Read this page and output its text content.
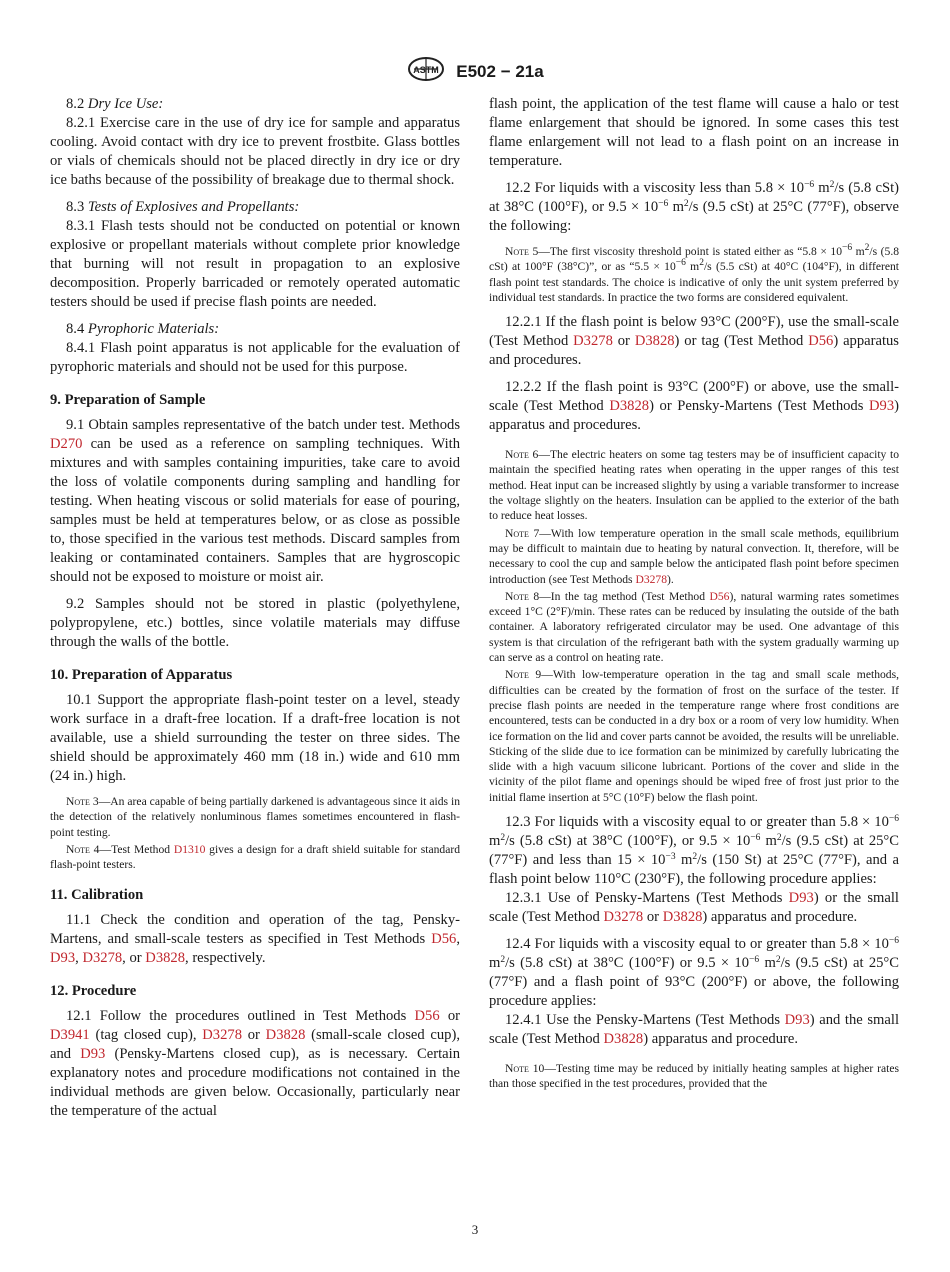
ASTM E502 − 21a

8.2 Dry Ice Use:

8.2.1 Exercise care in the use of dry ice for sample and apparatus cooling. Avoid contact with dry ice to prevent frostbite. Glass bottles or vials of chemicals should not be placed directly in dry ice or dry ice baths because of the possibility of breakage due to thermal shock.

8.3 Tests of Explosives and Propellants:

8.3.1 Flash tests should not be conducted on potential or known explosive or propellant materials without complete prior knowledge that burning will not result in propagation to an explosive decomposition. Properly barricaded or remotely operated automatic testers should be used if precise flash points are needed.

8.4 Pyrophoric Materials:

8.4.1 Flash point apparatus is not applicable for the evaluation of pyrophoric materials and should not be used for this purpose.

9. Preparation of Sample

9.1 Obtain samples representative of the batch under test. Methods D270 can be used as a reference on sampling techniques. With mixtures and with samples containing impurities, take care to avoid the loss of volatile components during sampling and handling for testing. When heating viscous or solid materials for ease of pouring, samples must be held at temperatures below, or as close as possible to, those specified in the various test methods. Discard samples from leaking or contaminated containers. Samples that are hygroscopic should not be exposed to moisture or moist air.

9.2 Samples should not be stored in plastic (polyethylene, polypropylene, etc.) bottles, since volatile materials may diffuse through the walls of the bottle.

10. Preparation of Apparatus

10.1 Support the appropriate flash-point tester on a level, steady work surface in a draft-free location. If a draft-free location is not available, use a shield surrounding the tester on three sides. The shield should be approximately 460 mm (18 in.) wide and 610 mm (24 in.) high.

Note 3—An area capable of being partially darkened is advantageous since it aids in the detection of the relatively nonluminous flames sometimes encountered in flash-point testing.

Note 4—Test Method D1310 gives a design for a draft shield suitable for standard flash-point testers.

11. Calibration

11.1 Check the condition and operation of the tag, Pensky-Martens, and small-scale testers as specified in Test Methods D56, D93, D3278, or D3828, respectively.

12. Procedure

12.1 Follow the procedures outlined in Test Methods D56 or D3941 (tag closed cup), D3278 or D3828 (small-scale closed cup), and D93 (Pensky-Martens closed cup), as is necessary. Certain explanatory notes and procedure modifications not contained in the individual methods are given below. Occasionally, particularly near the temperature of the actual

flash point, the application of the test flame will cause a halo or test flame enlargement that should be ignored. In some cases this test flame enlargement will not lead to a flash point on an increase in temperature.

12.2 For liquids with a viscosity less than $5.8 \times 10^{-6}$ $m^2/s$ (5.8 cSt) at 38°C (100°F), or $9.5 \times 10^{-6}$ $m^2/s$ (9.5 cSt) at 25°C (77°F), observe the following:

Note 5—The first viscosity threshold point is stated either as “$5.8 \times 10^{-6}$ $m^2/s$ (5.8 cSt) at 100°F (38°C)”, or as “$5.5 \times 10^{-6}$ $m^2/s$ (5.5 cSt) at 40°C (104°F), in different flash point test standards. The choice is indicative of only the unit system preferred by individual test standards. In practice the two forms are considered equivalent.

12.2.1 If the flash point is below 93°C (200°F), use the small-scale (Test Method D3278 or D3828) or tag (Test Method D56) apparatus and procedures.

12.2.2 If the flash point is 93°C (200°F) or above, use the small-scale (Test Method D3828) or Pensky-Martens (Test Methods D93) apparatus and procedures.

Note 6—The electric heaters on some tag testers may be of insufficient capacity to maintain the specified heating rates when operating in the upper ranges of this test method. Heat input can be increased slightly by using a variable transformer to increase the voltage slightly on the heaters. Insulation can be applied to the exterior of the bath to reduce heat losses.

Note 7—With low temperature operation in the small scale methods, equilibrium may be difficult to maintain due to heating by natural convection. It, therefore, will be necessary to cool the cup and sample below the anticipated flash point before specimen introduction (see Test Methods D3278).

Note 8—In the tag method (Test Method D56), natural warming rates sometimes exceed 1°C (2°F)/min. These rates can be reduced by insulating the outside of the bath container. A laboratory refrigerated circulator may be used. One advantage of this system is that circulation of the refrigerant bath with the system gradually warming up can serve as a control on heating rate.

Note 9—With low-temperature operation in the tag and small scale methods, difficulties can be created by the formation of frost on the surface of the tester. If precise flash points are needed in the temperature range where frost conditions are encountered, tests can be conducted in a dry box or a room of very low humidity. When ice formation on the lid and cover parts cannot be avoided, the results will be unreliable. Sticking of the slide due to ice formation can be minimized by carefully lubricating the slide with a high vacuum silicone lubricant. Portions of the cover and slide in the vicinity of the pilot flame and openings should be wiped free of frost just prior to the initial flame insertion at 5°C (10°F) below the flash point.

12.3 For liquids with a viscosity equal to or greater than $5.8 \times 10^{-6}$ $m^2/s$ (5.8 cSt) at 38°C (100°F), or $9.5 \times 10^{-6}$ $m^2/s$ (9.5 cSt) at 25°C (77°F) and less than $15 \times 10^{-3}$ $m^2/s$ (150 St) at 25°C (77°F), and a flash point below 110°C (230°F), the following procedure applies:

12.3.1 Use of Pensky-Martens (Test Methods D93) or the small scale (Test Method D3278 or D3828) apparatus and procedure.

12.4 For liquids with a viscosity equal to or greater than $5.8 \times 10^{-6}$ $m^2/s$ (5.8 cSt) at 38°C (100°F) or $9.5 \times 10^{-6}$ $m^2/s$ (9.5 cSt) at 25°C (77°F) and a flash point of 93°C (200°F) or above, the following procedure applies:

12.4.1 Use the Pensky-Martens (Test Methods D93) and the small scale (Test Method D3828) apparatus and procedure.

Note 10—Testing time may be reduced by initially heating samples at higher rates than those specified in the test procedures, provided that the

3
